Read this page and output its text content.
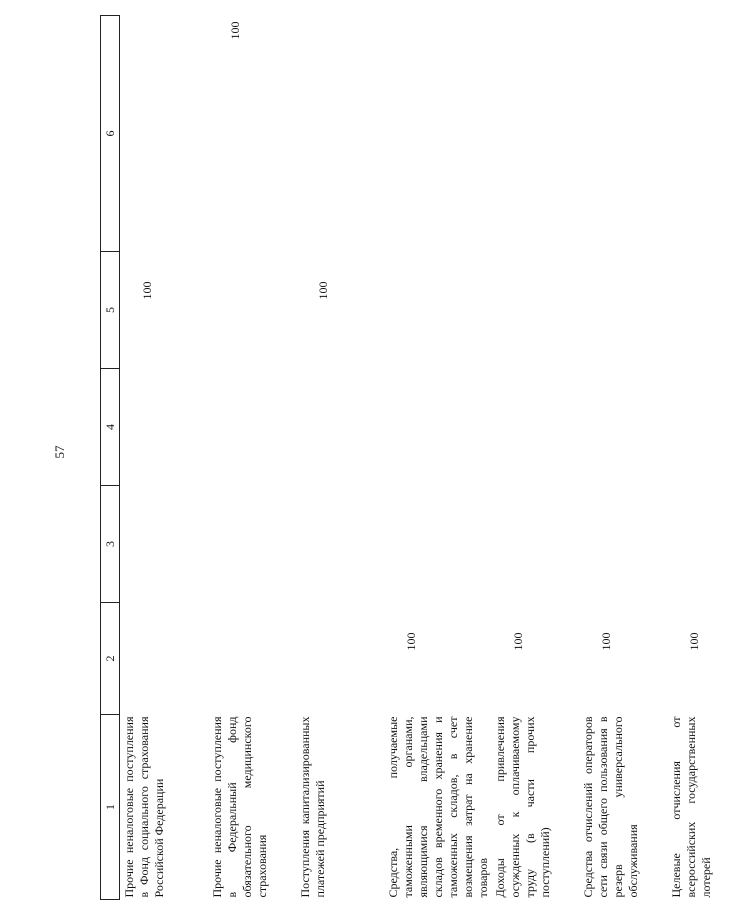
57
1	2	3	4	5	6
Прочие неналоговые поступления в Фонд социального страхования Российской Федерации				100	
Прочие неналоговые поступления в Федеральный фонд обязательного медицинского страхования					100
Поступления капитализированных платежей предприятий				100	
Средства, получаемые таможенными органами, являющимися владельцами складов временного хранения и таможенных складов, в счет возмещения затрат на хранение товаров	100				
Доходы от привлечения осужденных к оплачиваемому труду (в части прочих поступлений)	100				
Средства отчислений операторов сети связи общего пользования в резерв универсального обслуживания	100				
Целевые отчисления от всероссийских государственных лотерей	100				
